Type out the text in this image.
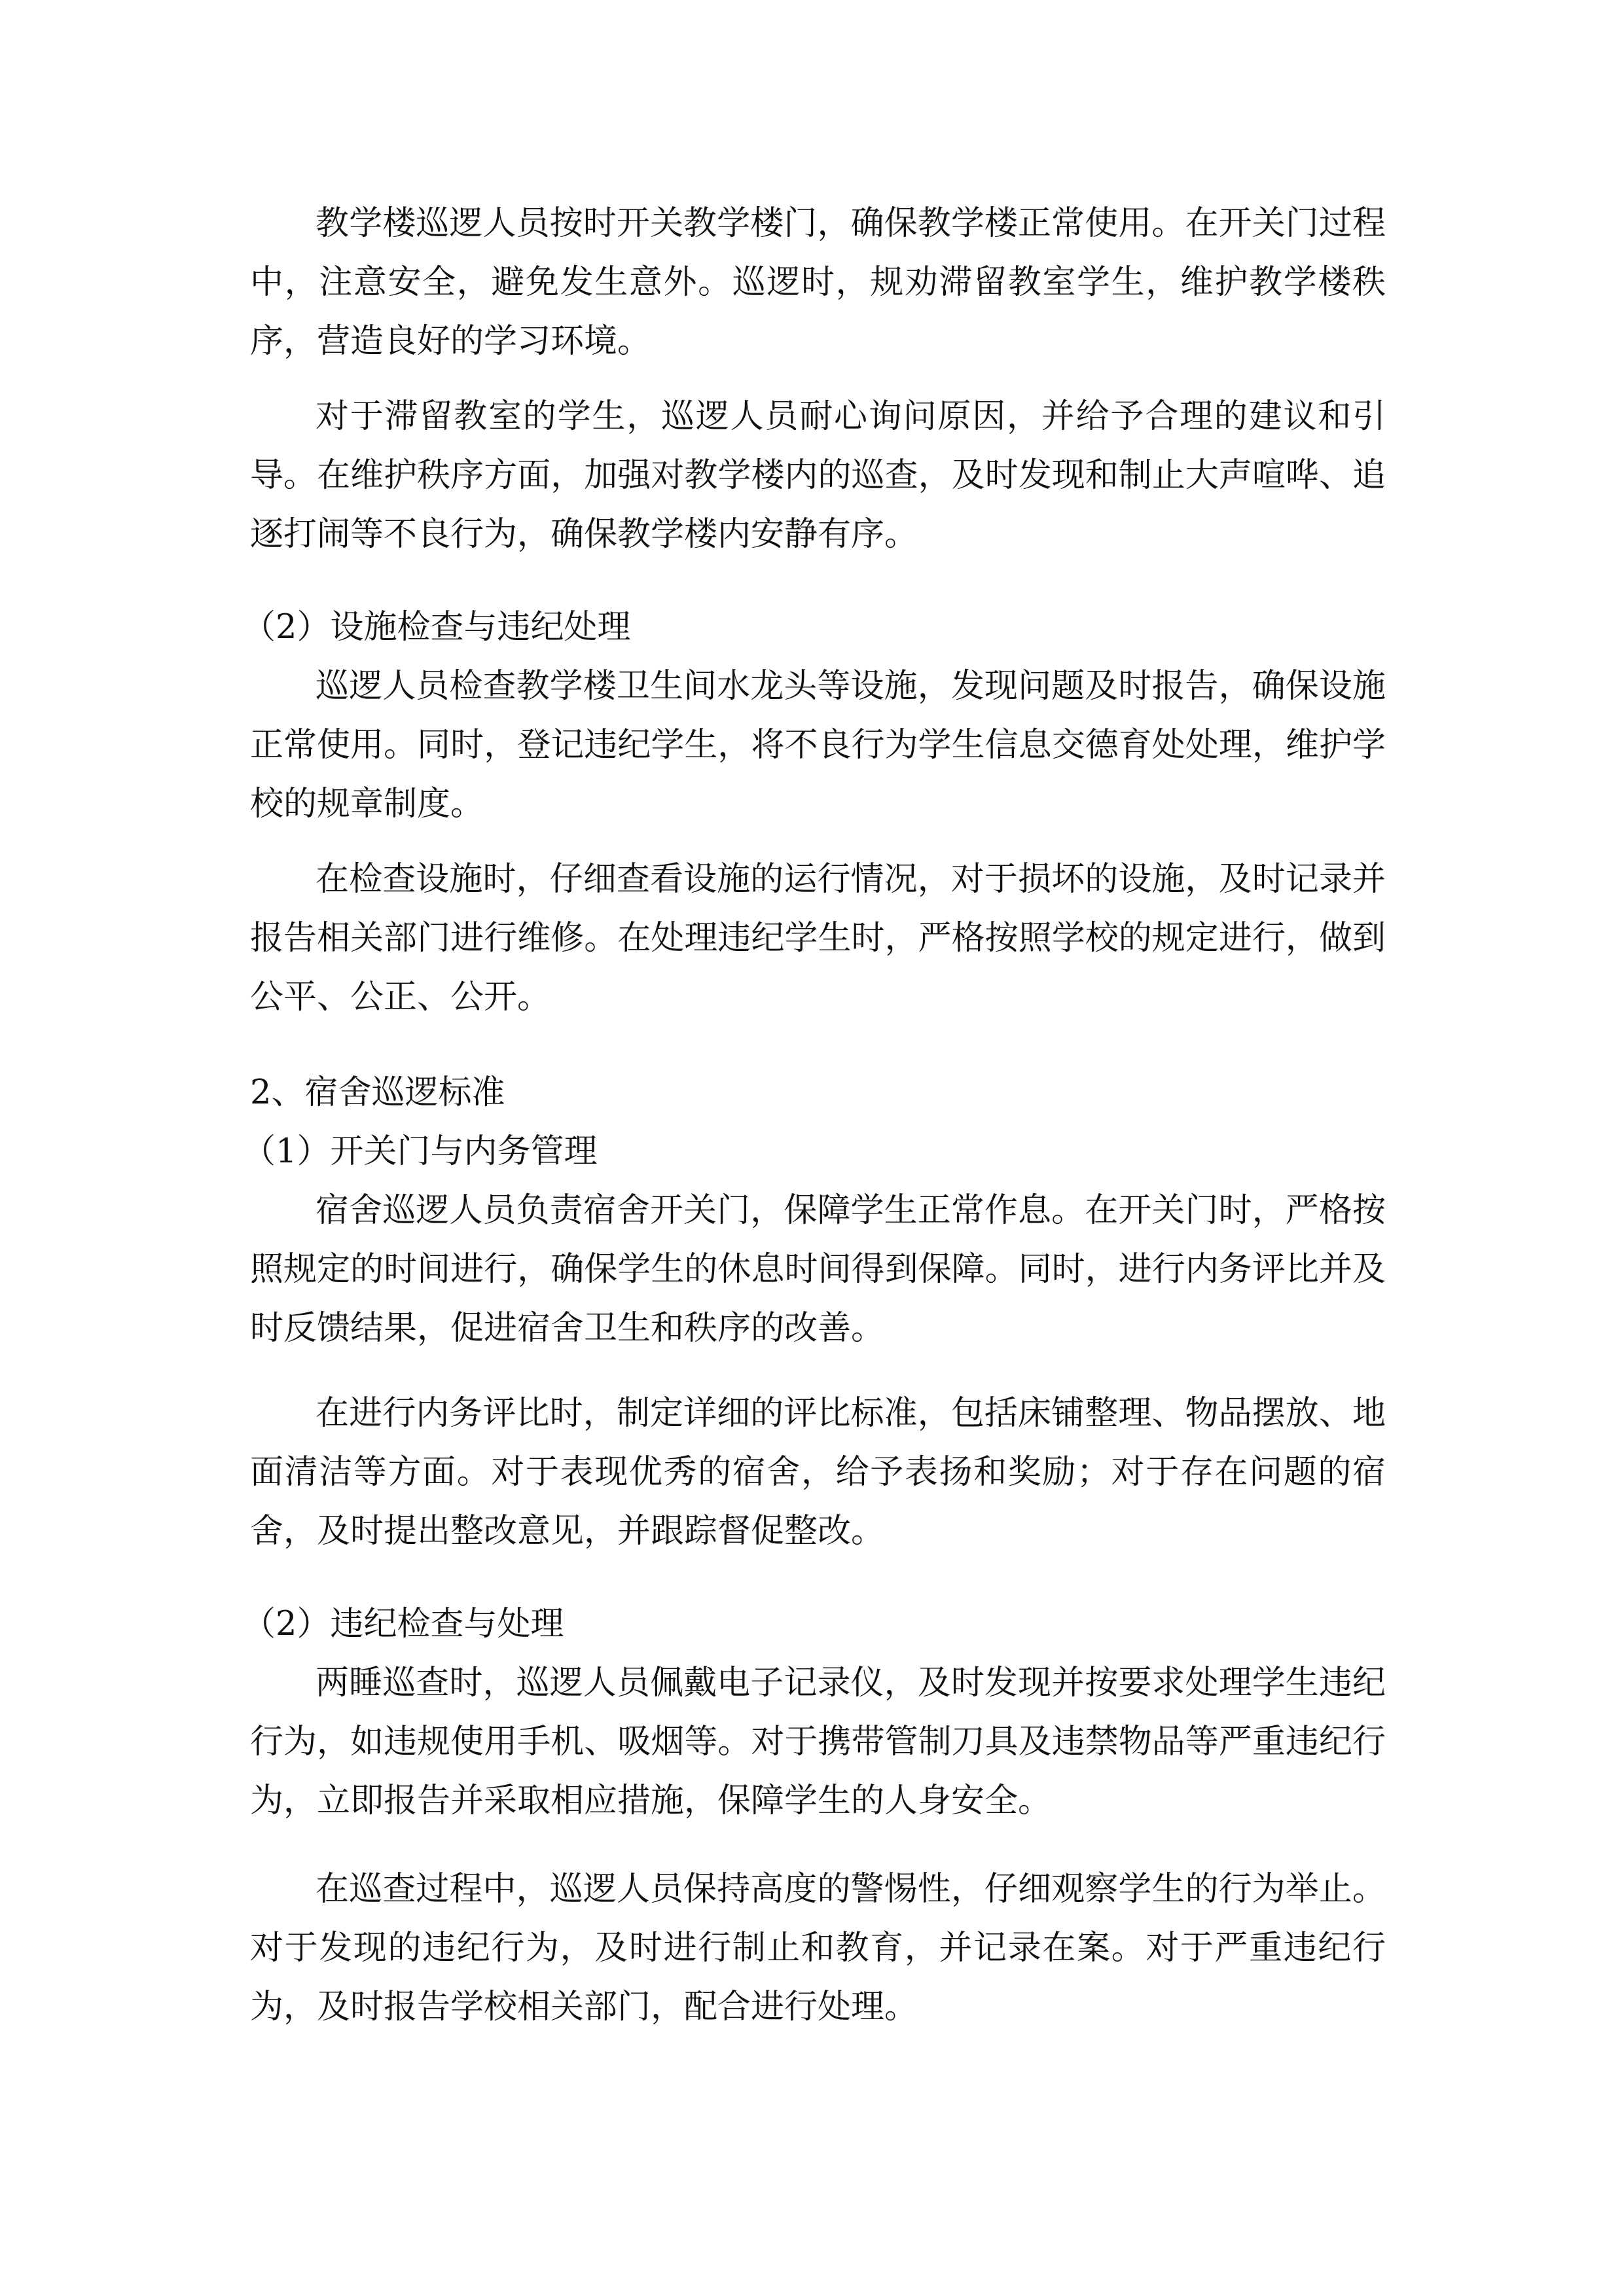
教学楼巡逻人员按时开关教学楼门，确保教学楼正常使用。在开关门过程
中，注意安全，避免发生意外。巡逻时，规劝滞留教室学生，维护教学楼秩
序，营造良好的学习环境。
对于滞留教室的学生，巡逻人员耐心询问原因，并给予合理的建议和引
导。在维护秩序方面，加强对教学楼内的巡查，及时发现和制止大声喧哗、追
逐打闹等不良行为，确保教学楼内安静有序。
（2）设施检查与违纪处理
巡逻人员检查教学楼卫生间水龙头等设施，发现问题及时报告，确保设施
正常使用。同时，登记违纪学生，将不良行为学生信息交德育处处理，维护学
校的规章制度。
在检查设施时，仔细查看设施的运行情况，对于损坏的设施，及时记录并
报告相关部门进行维修。在处理违纪学生时，严格按照学校的规定进行，做到
公平、公正、公开。
2、宿舍巡逻标准
（1）开关门与内务管理
宿舍巡逻人员负责宿舍开关门，保障学生正常作息。在开关门时，严格按
照规定的时间进行，确保学生的休息时间得到保障。同时，进行内务评比并及
时反馈结果，促进宿舍卫生和秩序的改善。
在进行内务评比时，制定详细的评比标准，包括床铺整理、物品摆放、地
面清洁等方面。对于表现优秀的宿舍，给予表扬和奖励；对于存在问题的宿
舍，及时提出整改意见，并跟踪督促整改。
（2）违纪检查与处理
两睡巡查时，巡逻人员佩戴电子记录仪，及时发现并按要求处理学生违纪
行为，如违规使用手机、吸烟等。对于携带管制刀具及违禁物品等严重违纪行
为，立即报告并采取相应措施，保障学生的人身安全。
在巡查过程中，巡逻人员保持高度的警惕性，仔细观察学生的行为举止。
对于发现的违纪行为，及时进行制止和教育，并记录在案。对于严重违纪行
为，及时报告学校相关部门，配合进行处理。
